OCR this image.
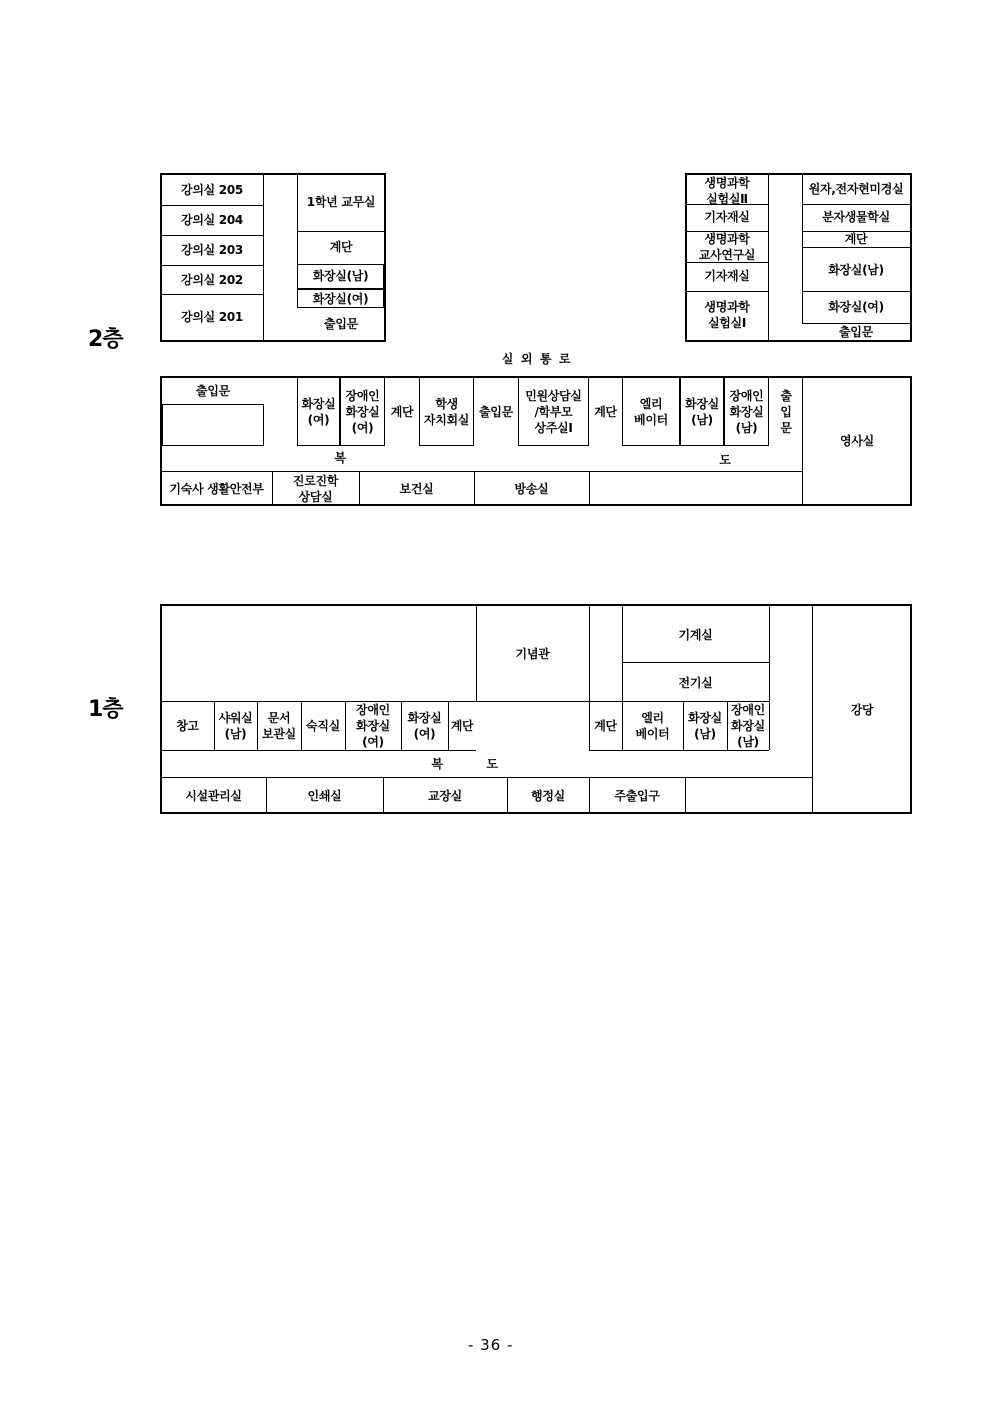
2층
강의실 205
강의실 204
강의실 203
강의실 202
강의실 201
1학년 교무실
계단
화장실(남)
화장실(여)
출입문
생명과학
실험실Ⅱ
기자재실
생명과학
교사연구실
기자재실
생명과학
실험실Ⅰ
원자,전자현미경실
분자생물학실
계단
화장실(남)
화장실(여)
출입문
실  외  통  로
출입문
화장실
(여)
장애인
화장실
(여)
계단
학생
자치회실
출입문
민원상담실
/학부모
상주실Ⅰ
계단
엘리
베이터
화장실
(남)
장애인
화장실
(남)
출
입
문
영사실
복	도
기숙사 생활안전부
진로진학
상담실
보건실	방송실
1층
기념관
기계실
전기실
강당
창고
샤워실
(남)
문서
보관실
숙직실
장애인
화장실
(여)
화장실
(여)
계단	계단
엘리
베이터
화장실
(남)
장애인
화장실
(남)
복	도
시설관리실	인쇄실	교장실	행정실	주출입구
- 36 -
